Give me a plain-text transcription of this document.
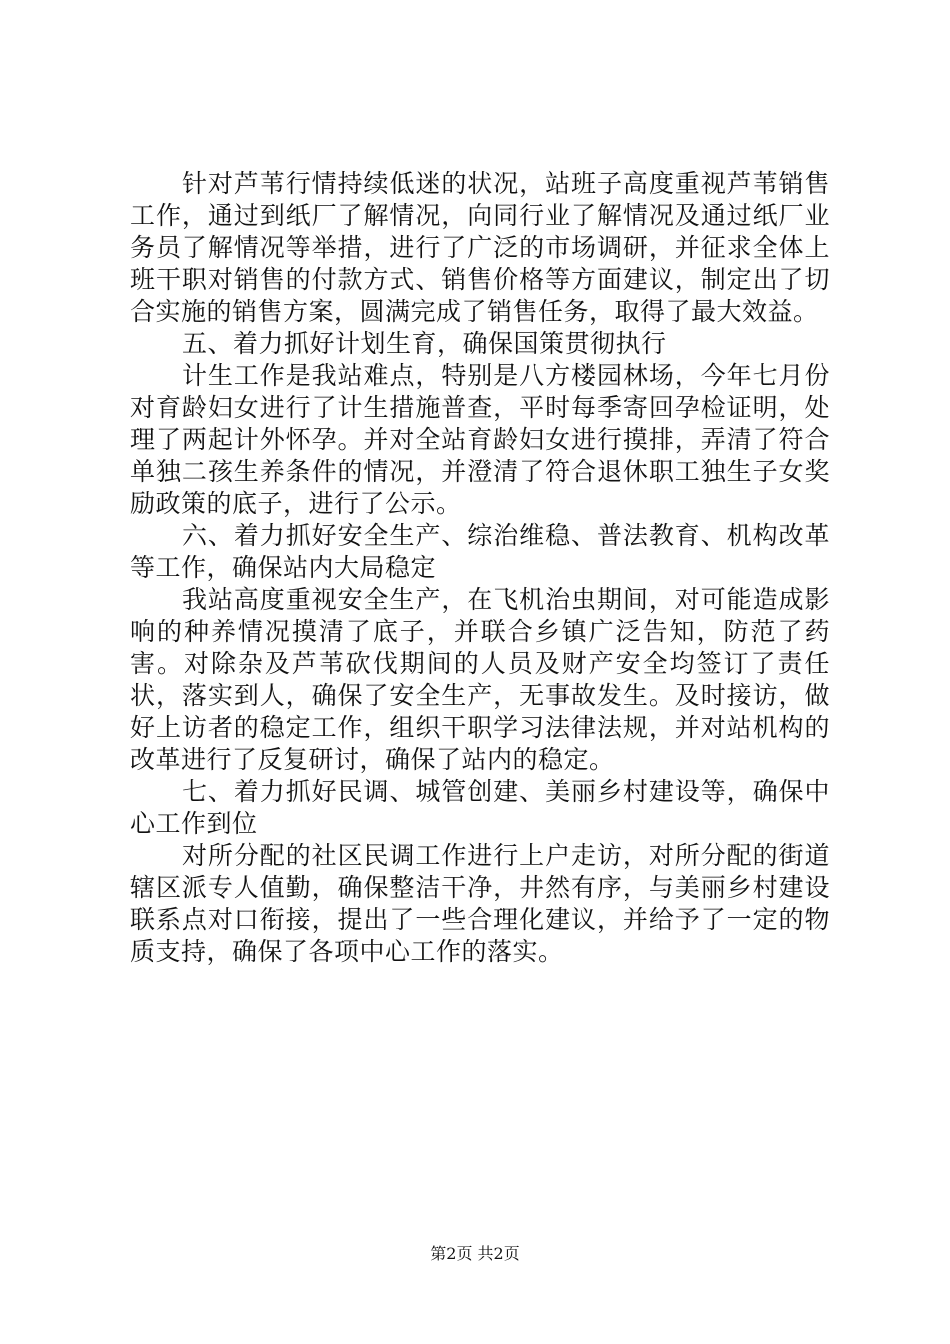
针对芦苇行情持续低迷的状况，站班子高度重视芦苇销售工作，通过到纸厂了解情况，向同行业了解情况及通过纸厂业务员了解情况等举措，进行了广泛的市场调研，并征求全体上班干职对销售的付款方式、销售价格等方面建议，制定出了切合实施的销售方案，圆满完成了销售任务，取得了最大效益。

五、着力抓好计划生育，确保国策贯彻执行

计生工作是我站难点，特别是八方楼园林场，今年七月份对育龄妇女进行了计生措施普查，平时每季寄回孕检证明，处理了两起计外怀孕。并对全站育龄妇女进行摸排，弄清了符合单独二孩生养条件的情况，并澄清了符合退休职工独生子女奖励政策的底子，进行了公示。

六、着力抓好安全生产、综治维稳、普法教育、机构改革等工作，确保站内大局稳定

我站高度重视安全生产，在飞机治虫期间，对可能造成影响的种养情况摸清了底子，并联合乡镇广泛告知，防范了药害。对除杂及芦苇砍伐期间的人员及财产安全均签订了责任状，落实到人，确保了安全生产，无事故发生。及时接访，做好上访者的稳定工作，组织干职学习法律法规，并对站机构的改革进行了反复研讨，确保了站内的稳定。

七、着力抓好民调、城管创建、美丽乡村建设等，确保中心工作到位

对所分配的社区民调工作进行上户走访，对所分配的街道辖区派专人值勤，确保整洁干净，井然有序，与美丽乡村建设联系点对口衔接，提出了一些合理化建议，并给予了一定的物质支持，确保了各项中心工作的落实。

第2页 共2页
